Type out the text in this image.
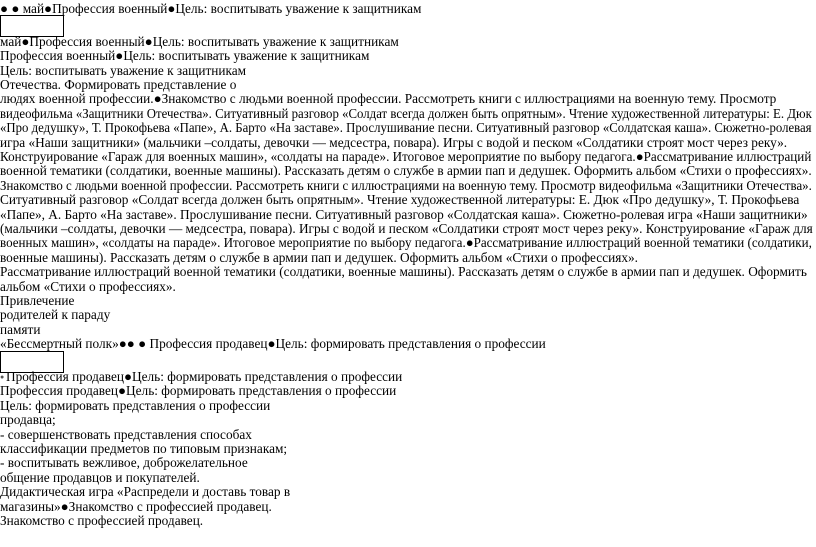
● ● май●Профессия военный●Цель: воспитывать уважение к защитникам
май●Профессия военный●Цель: воспитывать уважение к защитникам
Профессия военный●Цель: воспитывать уважение к защитникам
Цель: воспитывать уважение к защитникам
Отечества. Формировать представление о
людях военной профессии.●Знакомство с людьми военной профессии. Рассмотреть книги с иллюстрациями на военную тему. Просмотр
видеофильма «Защитники Отечества». Ситуативный разговор «Солдат всегда должен быть опрятным». Чтение художественной литературы: Е. Дюк
«Про дедушку», Т. Прокофьева «Папе», А. Барто «На заставе». Прослушивание песни. Ситуативный разговор «Солдатская каша». Сюжетно-ролевая
игра «Наши защитники» (мальчики –солдаты, девочки — медсестра, повара). Игры с водой и песком «Солдатики строят мост через реку».
Конструирование «Гараж для военных машин», «солдаты на параде». Итоговое мероприятие по выбору педагога.●Рассматривание иллюстраций
военной тематики (солдатики, военные машины). Рассказать детям о службе в армии пап и дедушек. Оформить альбом «Стихи о профессиях».
Знакомство с людьми военной профессии. Рассмотреть книги с иллюстрациями на военную тему. Просмотр видеофильма «Защитники Отечества».
Ситуативный разговор «Солдат всегда должен быть опрятным». Чтение художественной литературы: Е. Дюк «Про дедушку», Т. Прокофьева
«Папе», А. Барто «На заставе». Прослушивание песни. Ситуативный разговор «Солдатская каша». Сюжетно-ролевая игра «Наши защитники»
(мальчики –солдаты, девочки — медсестра, повара). Игры с водой и песком «Солдатики строят мост через реку». Конструирование «Гараж для
военных машин», «солдаты на параде». Итоговое мероприятие по выбору педагога.●Рассматривание иллюстраций военной тематики (солдатики,
военные машины). Рассказать детям о службе в армии пап и дедушек. Оформить альбом «Стихи о профессиях».
Рассматривание иллюстраций военной тематики (солдатики, военные машины). Рассказать детям о службе в армии пап и дедушек. Оформить
альбом «Стихи о профессиях».
Привлечение
родителей к параду
памяти
«Бессмертный полк»●● ● Профессия продавец●Цель: формировать представления о профессии
● Профессия продавец●Цель: формировать представления о профессии
Профессия продавец●Цель: формировать представления о профессии
Цель: формировать представления о профессии
продавца;
- совершенствовать представления способах
классификации предметов по типовым признакам;
- воспитывать вежливое, доброжелательное
общение продавцов и покупателей.
Дидактическая игра «Распредели и доставь товар в
магазины»●Знакомство с профессией продавец.
Знакомство с профессией продавец.
